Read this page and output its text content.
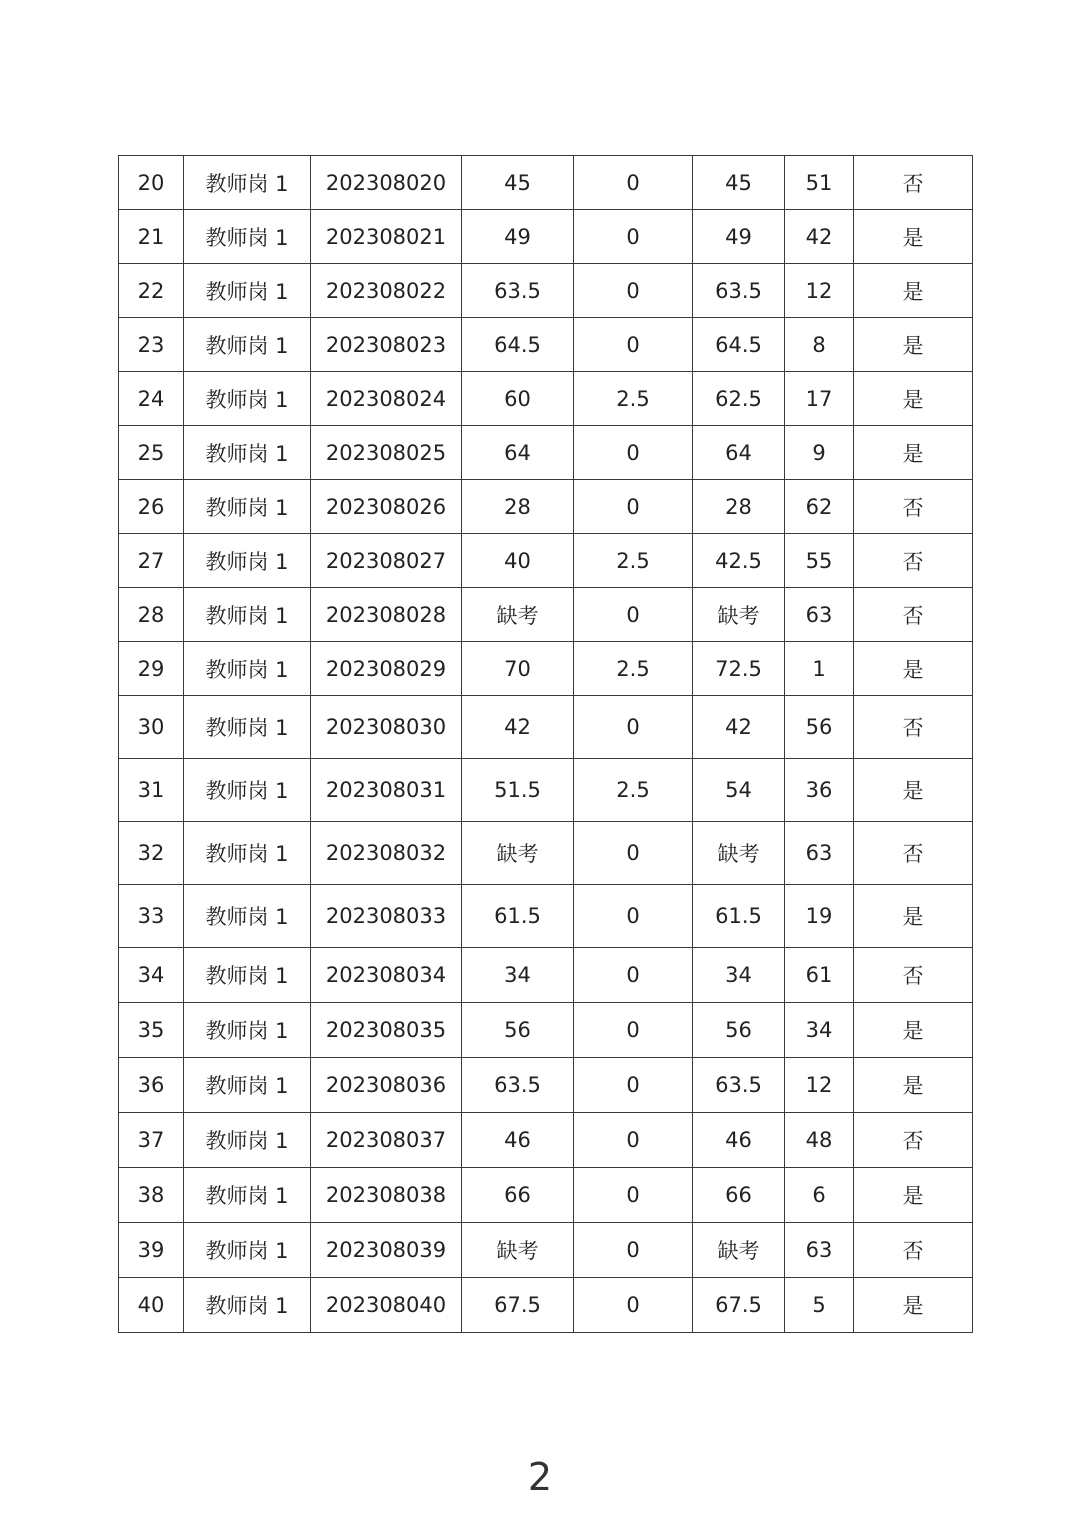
20	教师岗 1	202308020	45	0	45	51	否
21	教师岗 1	202308021	49	0	49	42	是
22	教师岗 1	202308022	63.5	0	63.5	12	是
23	教师岗 1	202308023	64.5	0	64.5	8	是
24	教师岗 1	202308024	60	2.5	62.5	17	是
25	教师岗 1	202308025	64	0	64	9	是
26	教师岗 1	202308026	28	0	28	62	否
27	教师岗 1	202308027	40	2.5	42.5	55	否
28	教师岗 1	202308028	缺考	0	缺考	63	否
29	教师岗 1	202308029	70	2.5	72.5	1	是
30	教师岗 1	202308030	42	0	42	56	否
31	教师岗 1	202308031	51.5	2.5	54	36	是
32	教师岗 1	202308032	缺考	0	缺考	63	否
33	教师岗 1	202308033	61.5	0	61.5	19	是
34	教师岗 1	202308034	34	0	34	61	否
35	教师岗 1	202308035	56	0	56	34	是
36	教师岗 1	202308036	63.5	0	63.5	12	是
37	教师岗 1	202308037	46	0	46	48	否
38	教师岗 1	202308038	66	0	66	6	是
39	教师岗 1	202308039	缺考	0	缺考	63	否
40	教师岗 1	202308040	67.5	0	67.5	5	是
2
